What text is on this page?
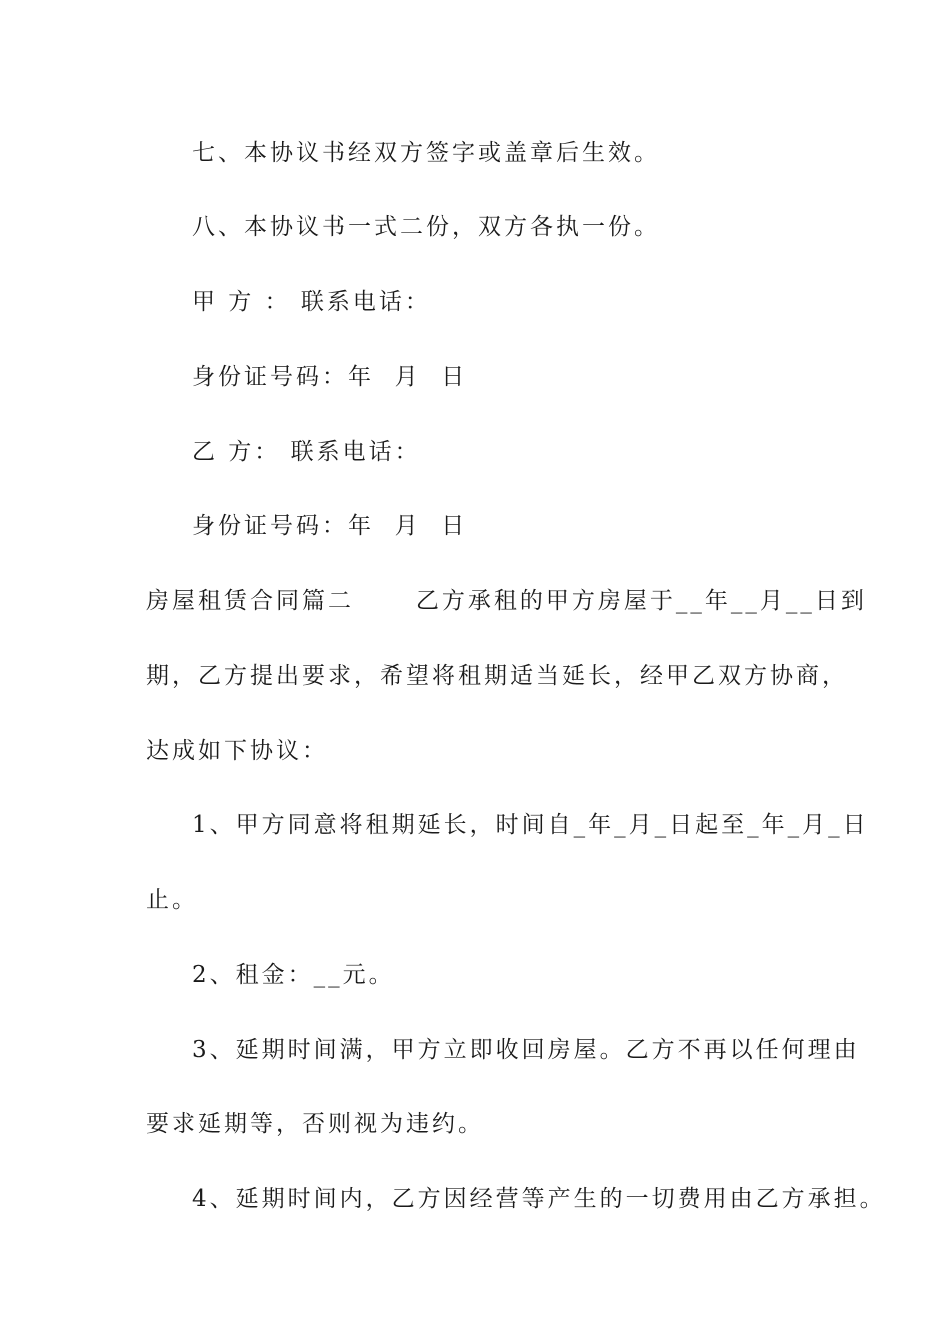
七、本协议书经双方签字或盖章后生效。
八、本协议书一式二份，双方各执一份。
甲 方 ： 联系电话：
身份证号码：年  月  日
乙 方： 联系电话：
身份证号码：年  月  日
房屋租赁合同篇二      乙方承租的甲方房屋于__年__月__日到
期，乙方提出要求，希望将租期适当延长，经甲乙双方协商，
达成如下协议：
1、甲方同意将租期延长，时间自_年_月_日起至_年_月_日
止。
2、租金：__元。
3、延期时间满，甲方立即收回房屋。乙方不再以任何理由
要求延期等，否则视为违约。
4、延期时间内，乙方因经营等产生的一切费用由乙方承担。
